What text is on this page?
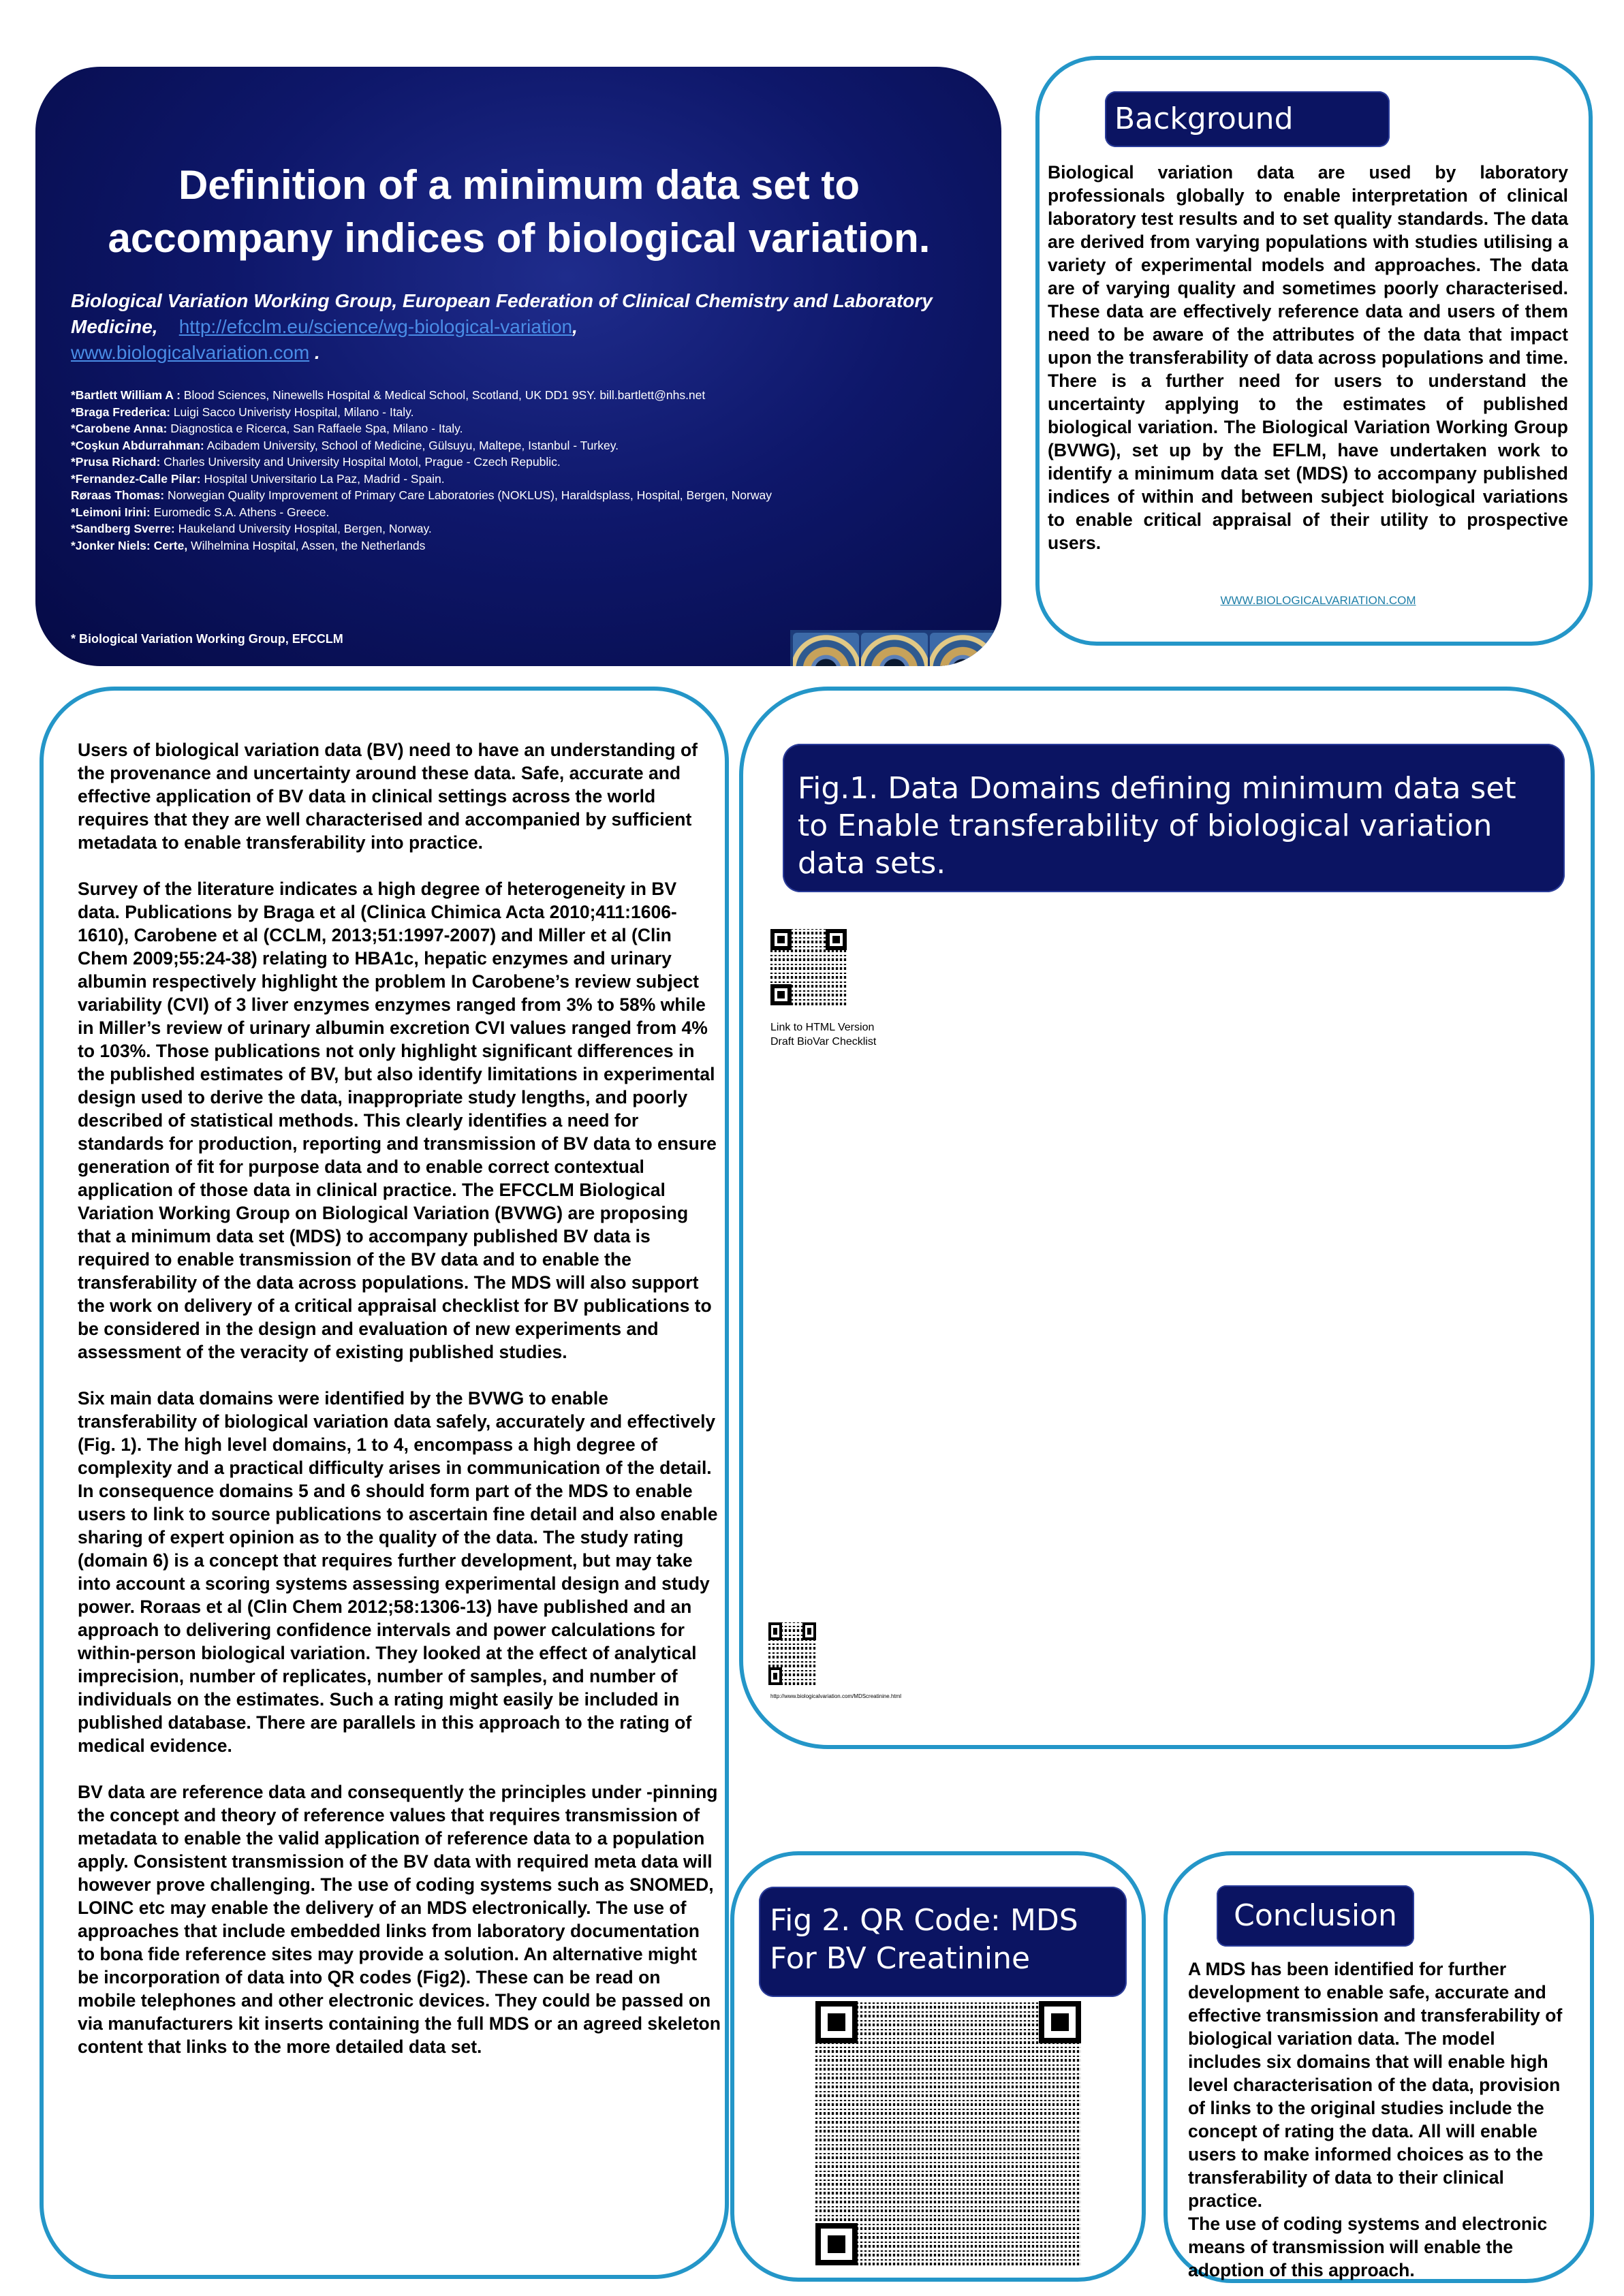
Definition of a minimum data set to accompany indices of biological variation.
Biological Variation Working Group, European Federation of Clinical Chemistry and Laboratory Medicine, http://efcclm.eu/science/wg-biological-variation,
www.biologicalvariation.com .
*Bartlett William A : Blood Sciences, Ninewells Hospital & Medical School, Scotland, UK DD1 9SY. bill.bartlett@nhs.net
*Braga Frederica: Luigi Sacco Univeristy Hospital, Milano - Italy.
*Carobene Anna: Diagnostica e Ricerca, San Raffaele Spa, Milano - Italy.
*Coşkun Abdurrahman: Acibadem University, School of Medicine, Gülsuyu, Maltepe, Istanbul - Turkey.
*Prusa Richard: Charles University and University Hospital Motol, Prague - Czech Republic.
*Fernandez-Calle Pilar: Hospital Universitario La Paz, Madrid - Spain.
Røraas Thomas: Norwegian Quality Improvement of Primary Care Laboratories (NOKLUS), Haraldsplass, Hospital, Bergen, Norway
*Leimoni Irini: Euromedic S.A. Athens - Greece.
*Sandberg Sverre: Haukeland University Hospital, Bergen, Norway.
*Jonker Niels: Certe, Wilhelmina Hospital, Assen, the Netherlands
* Biological Variation Working Group, EFCCLM
Background
Biological variation data are used by laboratory professionals globally to enable interpretation of clinical laboratory test results and to set quality standards. The data are derived from varying populations with studies utilising a variety of experimental models and approaches. The data are of varying quality and sometimes poorly characterised. These data are effectively reference data and users of them need to be aware of the attributes of the data that impact upon the transferability of data across populations and time. There is a further need for users to understand the uncertainty applying to the estimates of published biological variation. The Biological Variation Working Group (BVWG), set up by the EFLM, have undertaken work to identify a minimum data set (MDS) to accompany published indices of within and between subject biological variations to enable critical appraisal of their utility to prospective users.
WWW.BIOLOGICALVARIATION.COM

Users of biological variation data (BV) need to have an understanding of the provenance and uncertainty around these data. Safe, accurate and effective application of BV data in clinical settings across the world requires that they are well characterised and accompanied by sufficient metadata to enable transferability into practice.

Survey of the literature indicates a high degree of heterogeneity in BV data. Publications by Braga et al (Clinica Chimica Acta 2010;411:1606-1610), Carobene et al (CCLM, 2013;51:1997-2007) and Miller et al (Clin Chem 2009;55:24-38) relating to HBA1c, hepatic enzymes and urinary albumin respectively highlight the problem In Carobene’s review subject variability (CVI) of 3 liver enzymes enzymes ranged from 3% to 58% while in Miller’s review of urinary albumin excretion CVI values ranged from 4% to 103%. Those publications not only highlight significant differences in the published estimates of BV, but also identify limitations in experimental design used to derive the data, inappropriate study lengths, and poorly described of statistical methods. This clearly identifies a need for standards for production, reporting and transmission of BV data to ensure generation of fit for purpose data and to enable correct contextual application of those data in clinical practice. The EFCCLM Biological Variation Working Group on Biological Variation (BVWG) are proposing that a minimum data set (MDS) to accompany published BV data is required to enable transmission of the BV data and to enable the transferability of the data across populations. The MDS will also support the work on delivery of a critical appraisal checklist for BV publications to be considered in the design and evaluation of new experiments and assessment of the veracity of existing published studies.

Six main data domains were identified by the BVWG to enable transferability of biological variation data safely, accurately and effectively (Fig. 1). The high level domains, 1 to 4, encompass a high degree of complexity and a practical difficulty arises in communication of the detail. In consequence domains 5 and 6 should form part of the MDS to enable users to link to source publications to ascertain fine detail and also enable sharing of expert opinion as to the quality of the data. The study rating (domain 6) is a concept that requires further development, but may take into account a scoring systems assessing experimental design and study power. Roraas et al (Clin Chem 2012;58:1306-13) have published and an approach to delivering confidence intervals and power calculations for within-person biological variation. They looked at the effect of analytical imprecision, number of replicates, number of samples, and number of individuals on the estimates. Such a rating might easily be included in published database. There are parallels in this approach to the rating of medical evidence.

BV data are reference data and consequently the principles under -pinning the concept and theory of reference values that requires transmission of metadata to enable the valid application of reference data to a population apply. Consistent transmission of the BV data with required meta data will however prove challenging. The use of coding systems such as SNOMED, LOINC etc may enable the delivery of an MDS electronically. The use of approaches that include embedded links from laboratory documentation to bona fide reference sites may provide a solution. An alternative might be incorporation of data into QR codes (Fig2). These can be read on mobile telephones and other electronic devices. They could be passed on via manufacturers kit inserts containing the full MDS or an agreed skeleton content that links to the more detailed data set.

Fig.1. Data Domains defining minimum data set to Enable transferability of biological variation data sets.
Link to HTML Version
Draft BioVar Checklist
http://www.biologicalvariation.com/MDScreatinine.html
Fig 2. QR Code: MDS For BV Creatinine
Conclusion
A MDS has been identified for further development to enable safe, accurate and effective transmission and transferability of biological variation data. The model includes six domains that will enable high level characterisation of the data, provision of links to the original studies include the concept of rating the data. All will enable users to make informed choices as to the transferability of data to their clinical practice.
The use of coding systems and electronic means of transmission will enable the adoption of this approach.
